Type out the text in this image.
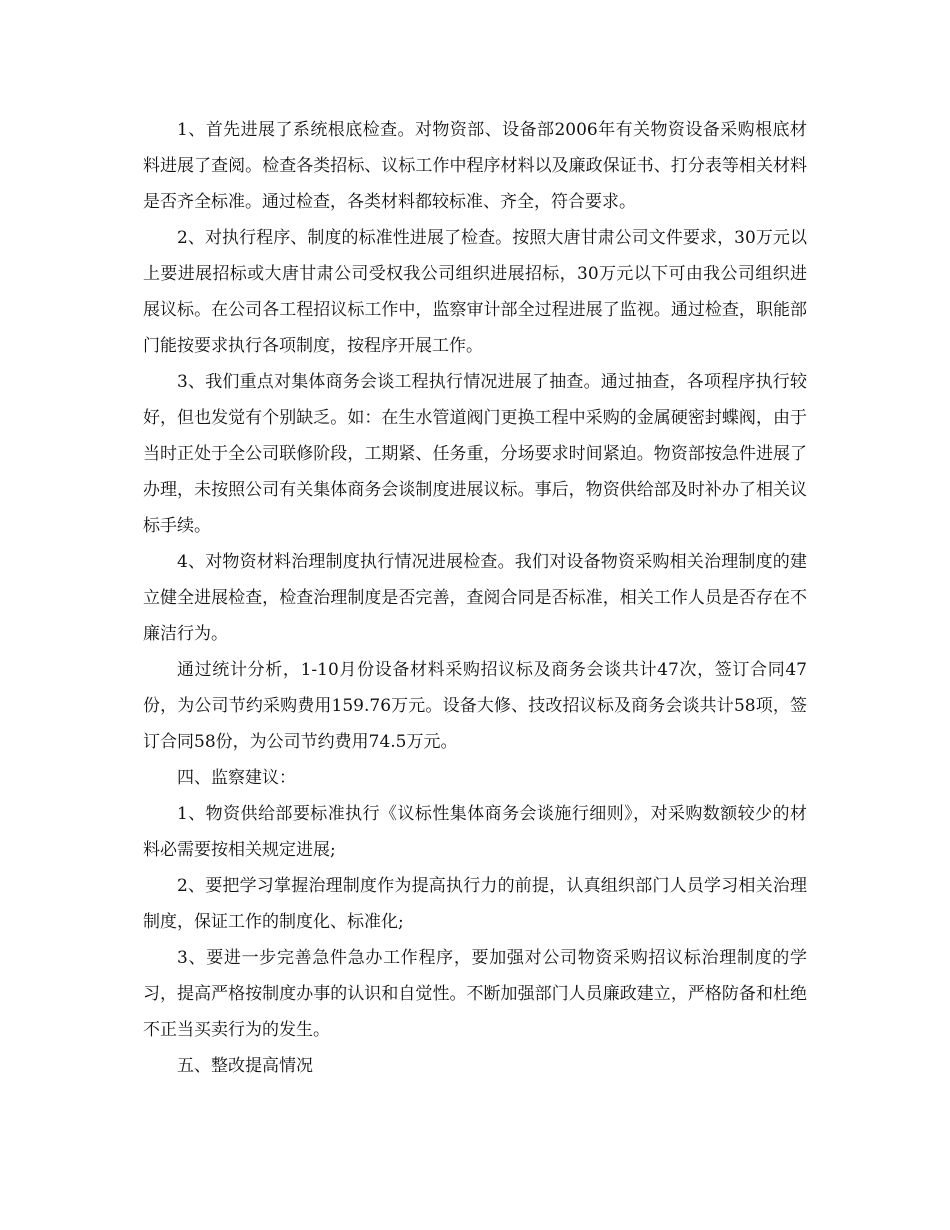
1、首先进展了系统根底检查。对物资部、设备部2006年有关物资设备采购根底材料进展了查阅。检查各类招标、议标工作中程序材料以及廉政保证书、打分表等相关材料是否齐全标准。通过检查，各类材料都较标准、齐全，符合要求。

2、对执行程序、制度的标准性进展了检查。按照大唐甘肃公司文件要求，30万元以上要进展招标或大唐甘肃公司受权我公司组织进展招标，30万元以下可由我公司组织进展议标。在公司各工程招议标工作中，监察审计部全过程进展了监视。通过检查，职能部门能按要求执行各项制度，按程序开展工作。

3、我们重点对集体商务会谈工程执行情况进展了抽查。通过抽查，各项程序执行较好，但也发觉有个别缺乏。如：在生水管道阀门更换工程中采购的金属硬密封蝶阀，由于当时正处于全公司联修阶段，工期紧、任务重，分场要求时间紧迫。物资部按急件进展了办理，未按照公司有关集体商务会谈制度进展议标。事后，物资供给部及时补办了相关议标手续。

4、对物资材料治理制度执行情况进展检查。我们对设备物资采购相关治理制度的建立健全进展检查，检查治理制度是否完善，查阅合同是否标准，相关工作人员是否存在不廉洁行为。

通过统计分析，1-10月份设备材料采购招议标及商务会谈共计47次，签订合同47份，为公司节约采购费用159.76万元。设备大修、技改招议标及商务会谈共计58项，签订合同58份，为公司节约费用74.5万元。

四、监察建议：

1、物资供给部要标准执行《议标性集体商务会谈施行细则》，对采购数额较少的材料必需要按相关规定进展;

2、要把学习掌握治理制度作为提高执行力的前提，认真组织部门人员学习相关治理制度，保证工作的制度化、标准化;

3、要进一步完善急件急办工作程序，要加强对公司物资采购招议标治理制度的学习，提高严格按制度办事的认识和自觉性。不断加强部门人员廉政建立，严格防备和杜绝不正当买卖行为的发生。

五、整改提高情况
